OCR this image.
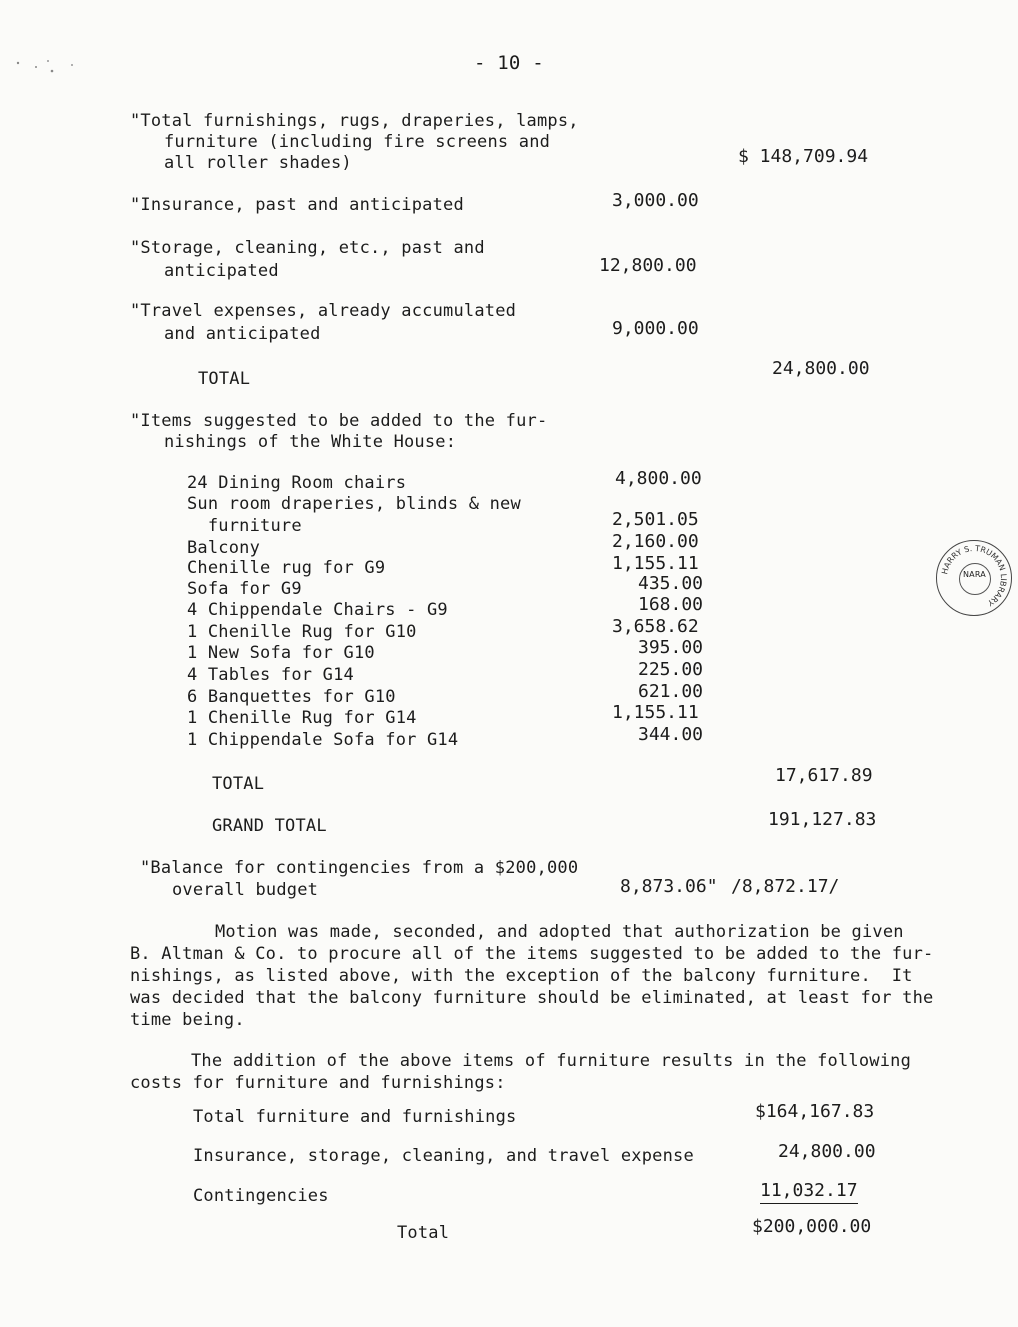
- 10 -
"Total furnishings, rugs, draperies, lamps,
furniture (including fire screens and
all roller shades)	$ 148,709.94
"Insurance, past and anticipated	3,000.00
"Storage, cleaning, etc., past and
anticipated	12,800.00
"Travel expenses, already accumulated
and anticipated	9,000.00
TOTAL	24,800.00
"Items suggested to be added to the fur-
nishings of the White House:
24 Dining Room chairs	4,800.00
Sun room draperies, blinds & new
furniture	2,501.05
Balcony	2,160.00
Chenille rug for G9	1,155.11
Sofa for G9	435.00
4 Chippendale Chairs - G9	168.00
1 Chenille Rug for G10	3,658.62
1 New Sofa for G10	395.00
4 Tables for G14	225.00
6 Banquettes for G10	621.00
1 Chenille Rug for G14	1,155.11
1 Chippendale Sofa for G14	344.00
TOTAL	17,617.89
GRAND TOTAL	191,127.83
"Balance for contingencies from a $200,000
overall budget	8,873.06" /8,872.17/
Motion was made, seconded, and adopted that authorization be given
B. Altman & Co. to procure all of the items suggested to be added to the fur-
nishings, as listed above, with the exception of the balcony furniture.  It
was decided that the balcony furniture should be eliminated, at least for the
time being.
The addition of the above items of furniture results in the following
costs for furniture and furnishings:
Total furniture and furnishings	$164,167.83
Insurance, storage, cleaning, and travel expense	24,800.00
Contingencies	11,032.17
Total	$200,000.00
HARRY S. TRUMAN LIBRARY
NARA
